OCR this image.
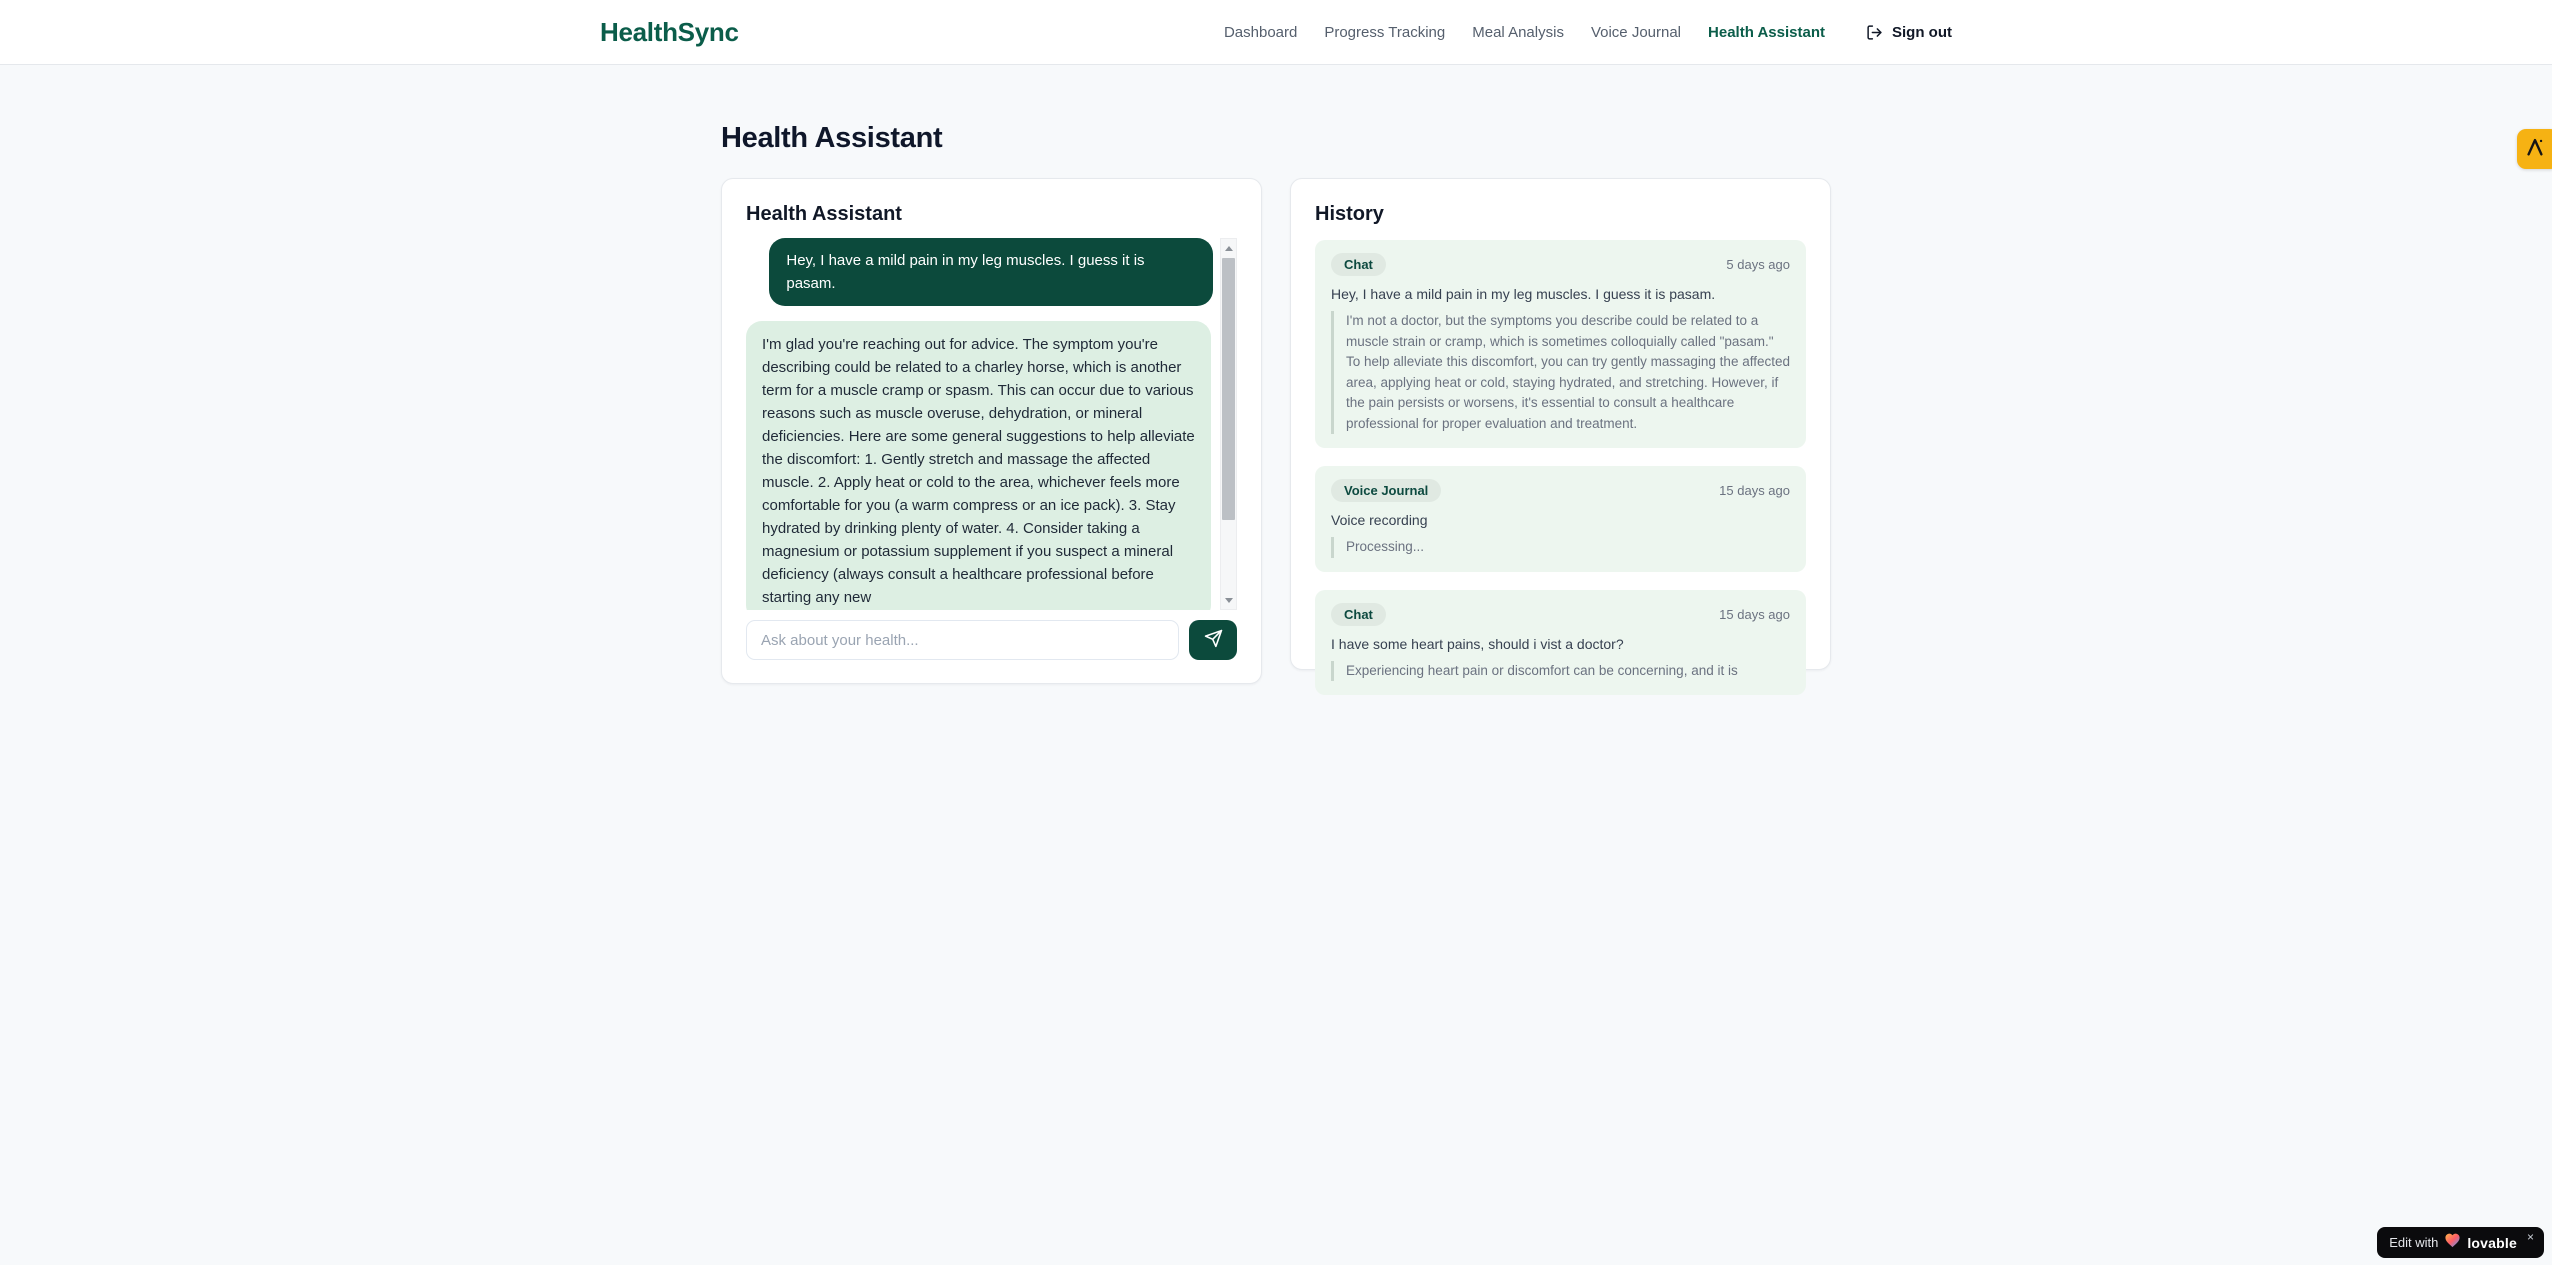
HealthSync	Dashboard Progress Tracking Meal Analysis Voice Journal Health Assistant	Sign out
Health Assistant
Health Assistant
Hey, I have a mild pain in my leg muscles. I guess it is pasam.
I'm glad you're reaching out for advice. The symptom you're describing could be related to a charley horse, which is another term for a muscle cramp or spasm. This can occur due to various reasons such as muscle overuse, dehydration, or mineral deficiencies. Here are some general suggestions to help alleviate the discomfort: 1. Gently stretch and massage the affected muscle. 2. Apply heat or cold to the area, whichever feels more comfortable for you (a warm compress or an ice pack). 3. Stay hydrated by drinking plenty of water. 4. Consider taking a magnesium or potassium supplement if you suspect a mineral deficiency (always consult a healthcare professional before starting any new
Ask about your health...
History
Chat	5 days ago
Hey, I have a mild pain in my leg muscles. I guess it is pasam.
I'm not a doctor, but the symptoms you describe could be related to a muscle strain or cramp, which is sometimes colloquially called "pasam." To help alleviate this discomfort, you can try gently massaging the affected area, applying heat or cold, staying hydrated, and stretching. However, if the pain persists or worsens, it's essential to consult a healthcare professional for proper evaluation and treatment.
Voice Journal	15 days ago
Voice recording
Processing...
Chat	15 days ago
I have some heart pains, should i vist a doctor?
Experiencing heart pain or discomfort can be concerning, and it is
Edit with lovable ×
